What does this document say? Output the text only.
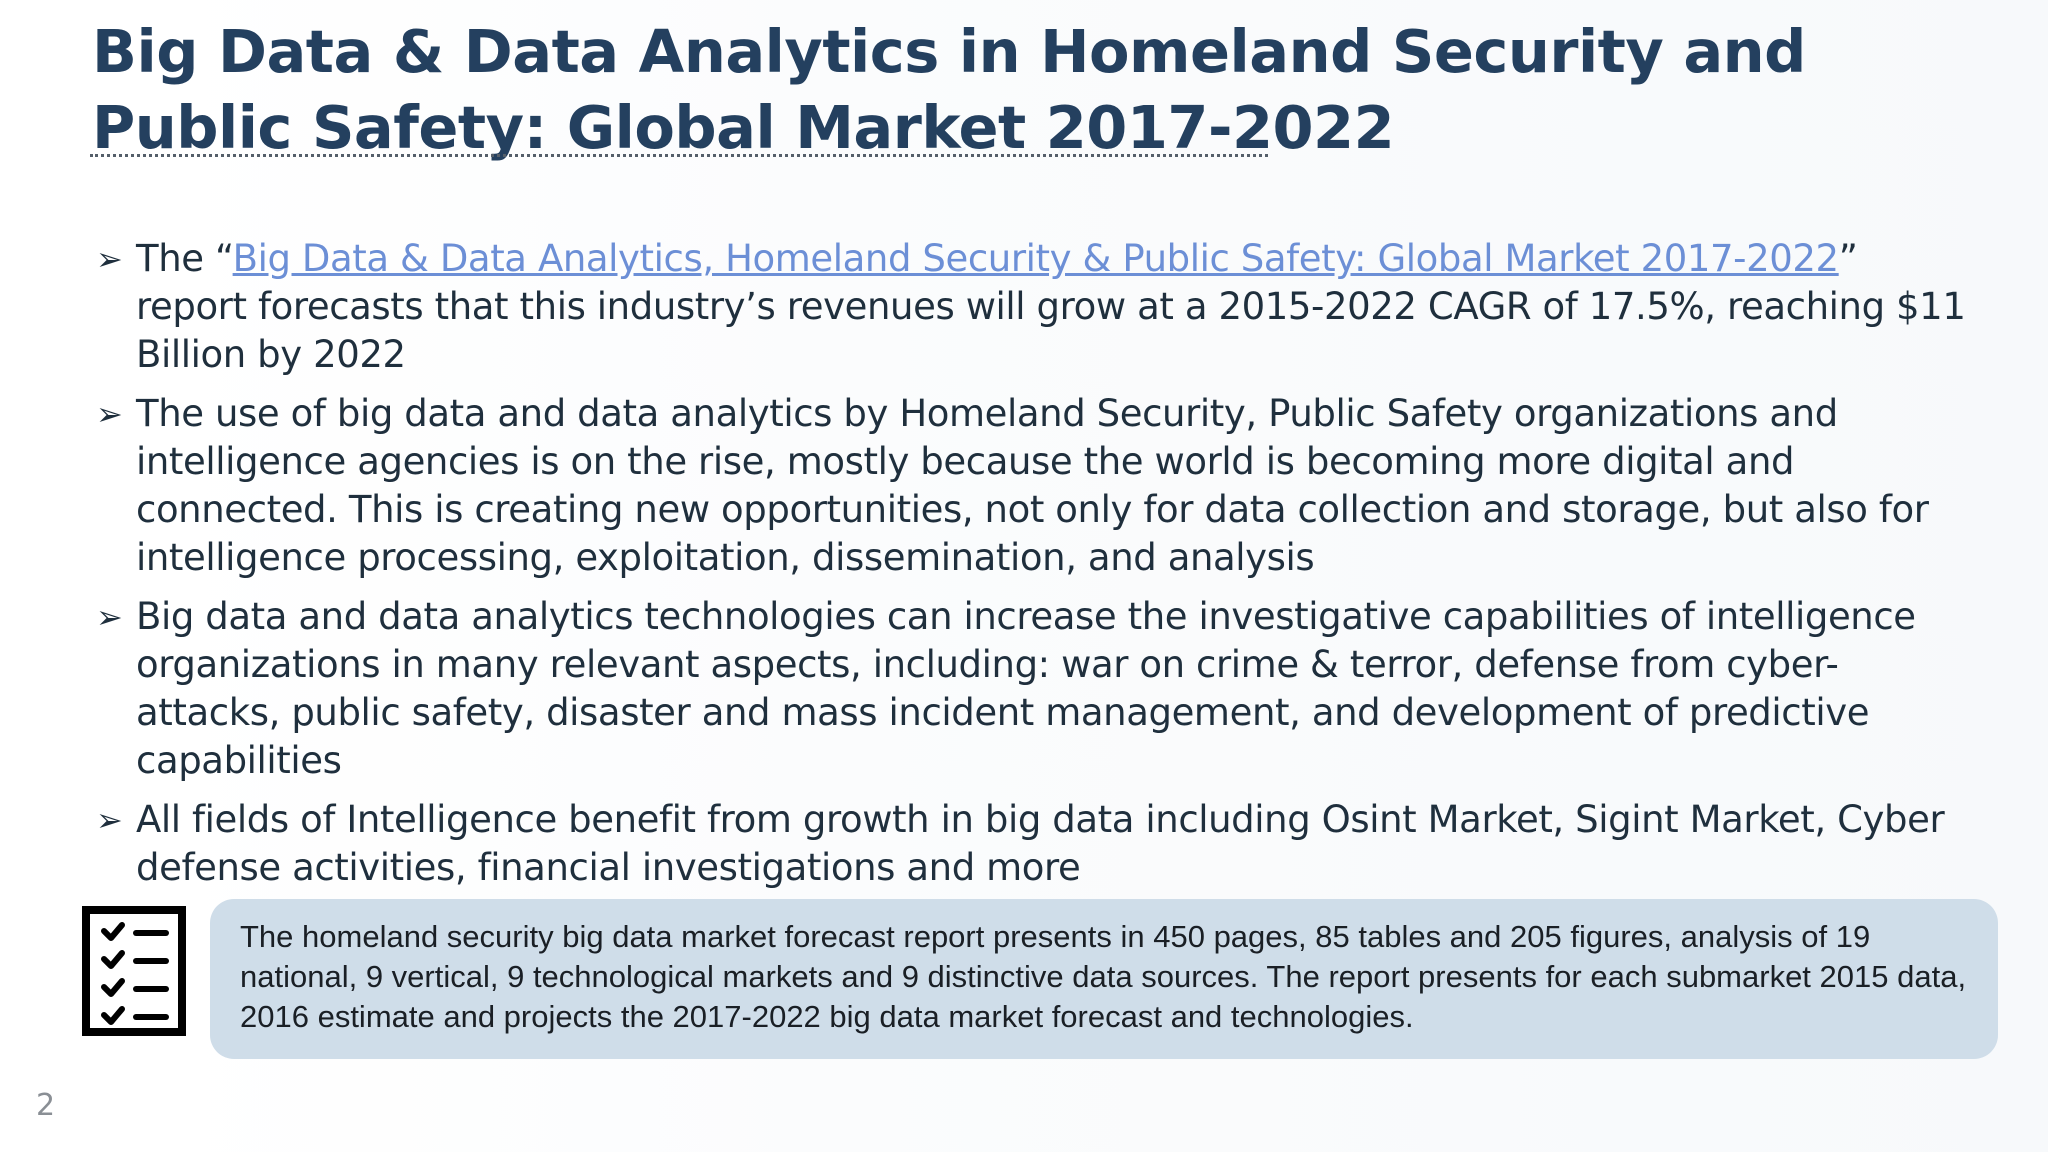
Big Data & Data Analytics in Homeland Security and Public Safety: Global Market 2017-2022
➢ The “Big Data & Data Analytics, Homeland Security & Public Safety: Global Market 2017-2022” report forecasts that this industry’s revenues will grow at a 2015-2022 CAGR of 17.5%, reaching $11 Billion by 2022
➢ The use of big data and data analytics by Homeland Security, Public Safety organizations and intelligence agencies is on the rise, mostly because the world is becoming more digital and connected. This is creating new opportunities, not only for data collection and storage, but also for intelligence processing, exploitation, dissemination, and analysis
➢ Big data and data analytics technologies can increase the investigative capabilities of intelligence organizations in many relevant aspects, including: war on crime & terror, defense from cyber-attacks, public safety, disaster and mass incident management, and development of predictive capabilities
➢ All fields of Intelligence benefit from growth in big data including Osint Market, Sigint Market, Cyber defense activities, financial investigations and more
The homeland security big data market forecast report presents in 450 pages, 85 tables and 205 figures, analysis of 19 national, 9 vertical, 9 technological markets and 9 distinctive data sources. The report presents for each submarket 2015 data, 2016 estimate and projects the 2017-2022 big data market forecast and technologies.
2
